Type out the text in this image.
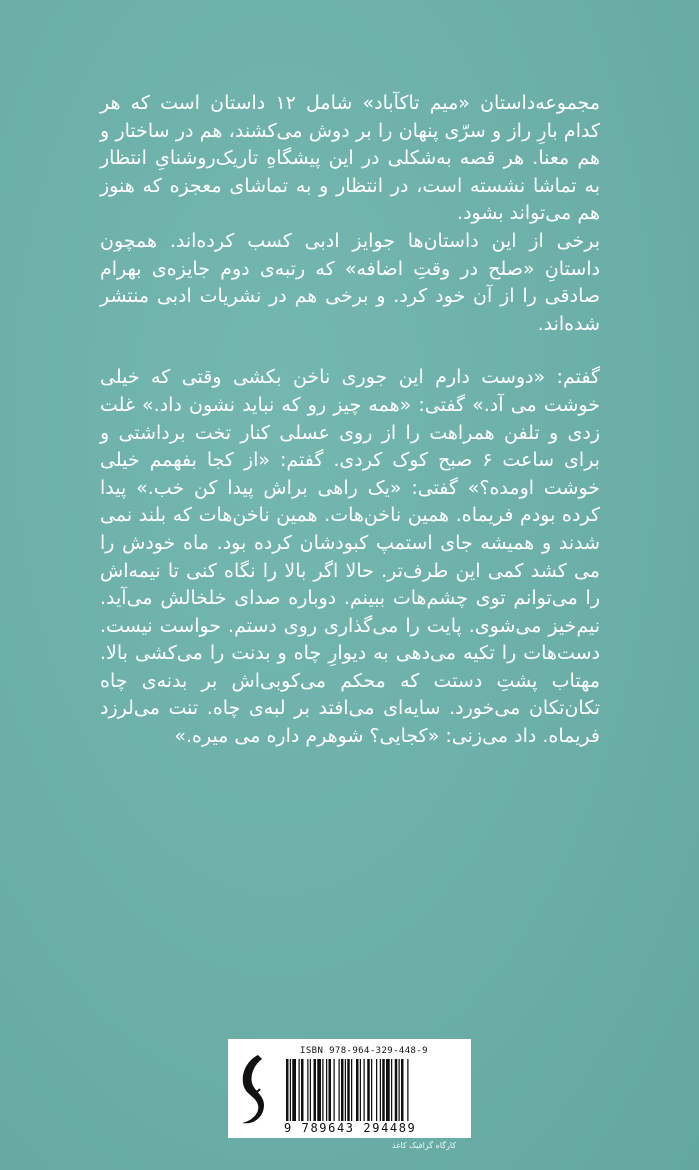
مجموعه‌داستان «میم تاکآباد» شامل ۱۲ داستان است که هر کدام بارِ راز و سرّی پنهان را بر دوش می‌کشند، هم در ساختار و هم معنا. هر قصه به‌شکلی در این پیشگاهِ تاریک‌روشنایِ انتظار به تماشا نشسته است، در انتظار و به تماشای معجزه که هنوز هم می‌تواند بشود.

برخی از این داستان‌ها جوایز ادبی کسب کرده‌اند. همچون داستانِ «صلح در وقتِ اضافه» که رتبه‌ی دوم جایزه‌ی بهرام صادقی را از آن خود کرد. و برخی هم در نشریات ادبی منتشر شده‌اند.

گفتم: «دوست دارم این جوری ناخن بکشی وقتی که خیلی خوشت می آد.» گفتی: «همه چیز رو که نباید نشون داد.» غلت زدی و تلفن همراهت را از روی عسلی کنار تخت برداشتی و برای ساعت ۶ صبح کوک کردی. گفتم: «از کجا بفهمم خیلی خوشت اومده؟» گفتی: «یک راهی براش پیدا کن خب.» پیدا کرده بودم فریماه. همین ناخن‌هات. همین ناخن‌هات که بلند نمی شدند و همیشه جای استمپ کبودشان کرده بود. ماه خودش را می کشد کمی این طرف‌تر. حالا اگر بالا را نگاه کنی تا نیمه‌اش را می‌توانم توی چشم‌هات ببینم. دوباره صدای خلخالش می‌آید. نیم‌خیز می‌شوی. پایت را می‌گذاری روی دستم. حواست نیست. دست‌هات را تکیه می‌دهی به دیوارِ چاه و بدنت را می‌کشی بالا. مهتاب پشتِ دستت که محکم می‌کوبی‌اش بر بدنه‌ی چاه تکان‌تکان می‌خورد. سایه‌ای می‌افتد بر لبه‌ی چاه. تنت می‌لرزد فریماه. داد می‌زنی: «کجایی؟ شوهرم داره می میره.»

ISBN 978-964-329-448-9
9 789643 294489
کارگاه گرافیک کاغذ
